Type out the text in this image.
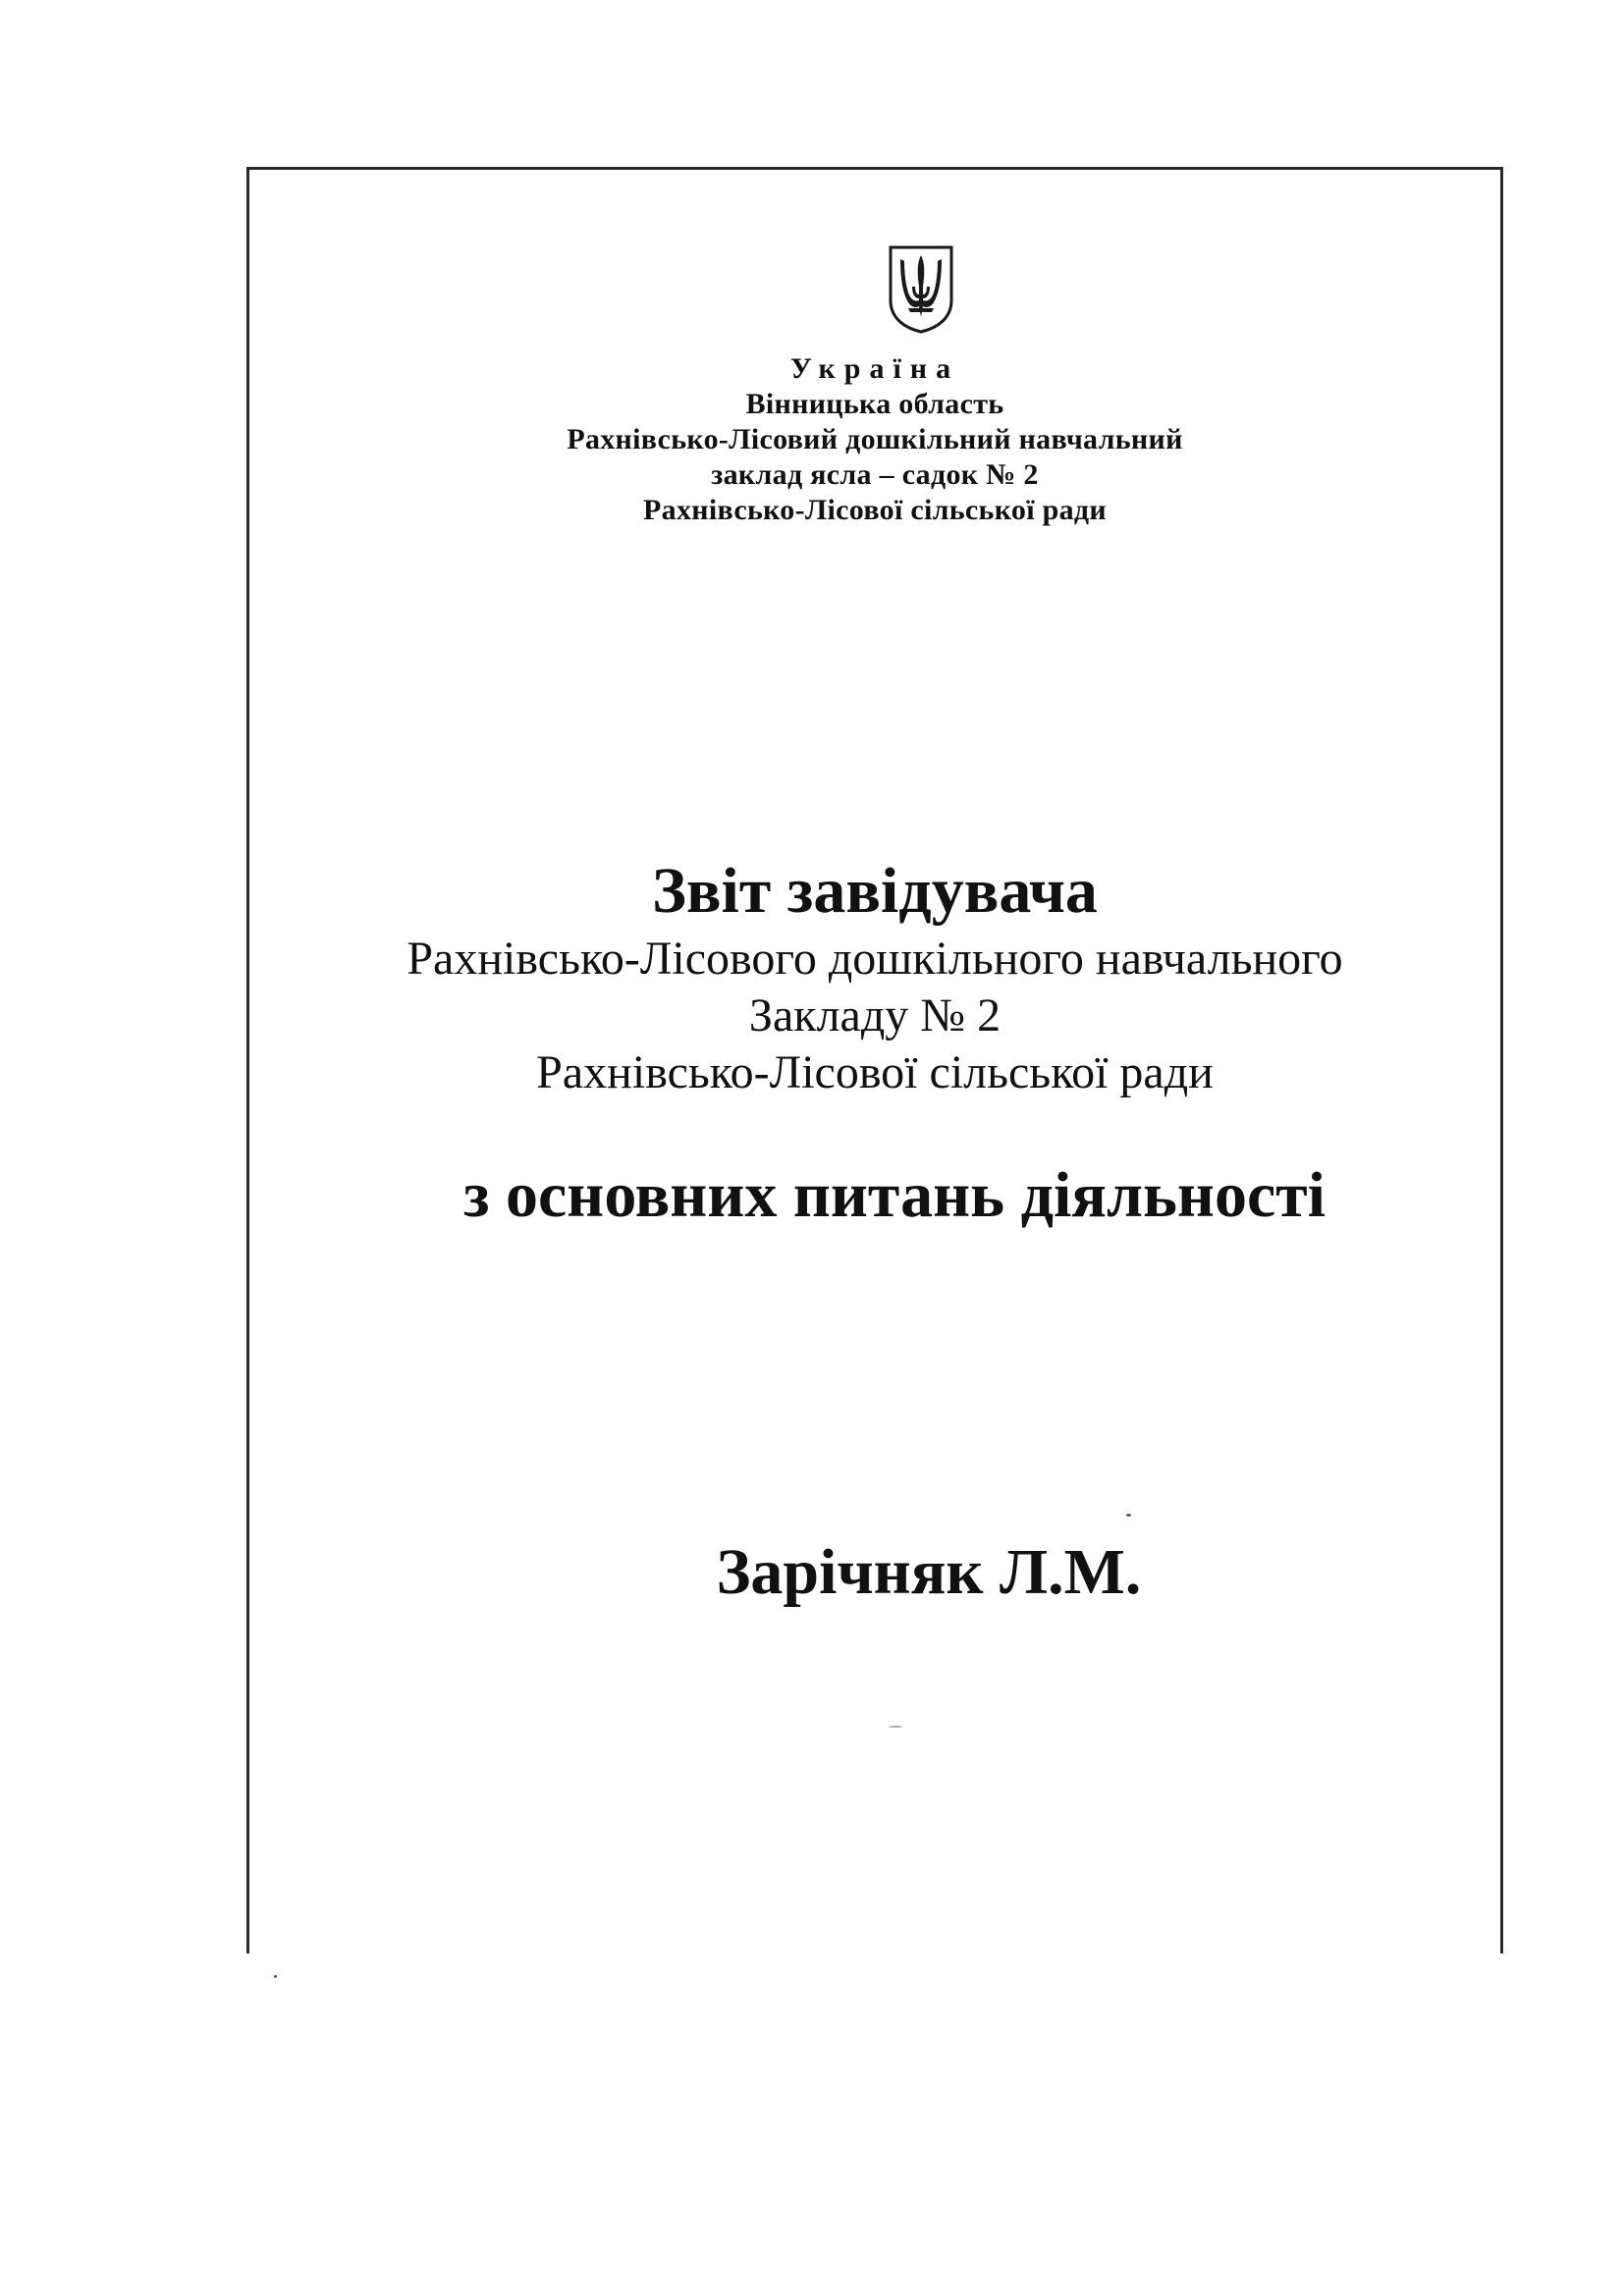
Україна
Вінницька область
Рахнівсько-Лісовий дошкільний навчальний
заклад ясла – садок № 2
Рахнівсько-Лісової сільської ради
Звіт завідувача
Рахнівсько-Лісового дошкільного навчального
Закладу № 2
Рахнівсько-Лісової сільської ради
з основних питань діяльності
Зарічняк Л.М.
